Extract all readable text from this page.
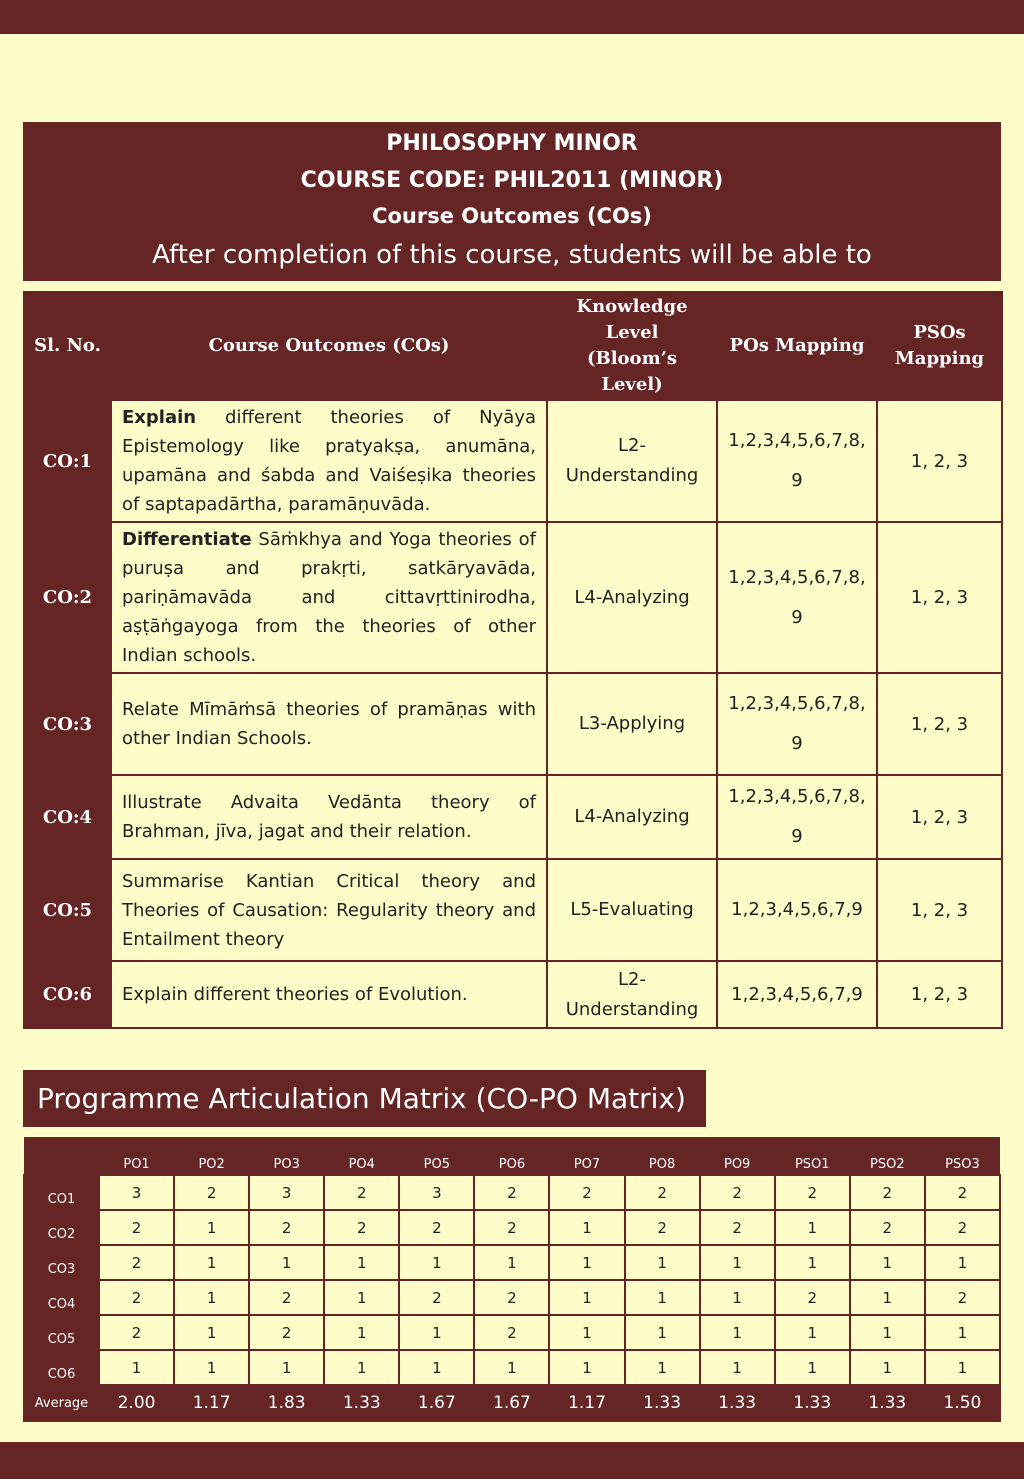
PHILOSOPHY MINOR
COURSE CODE: PHIL2011 (MINOR)
Course Outcomes (COs)
After completion of this course, students will be able to
Sl. No.	Course Outcomes (COs)	Knowledge Level (Bloom’s Level)	POs Mapping	PSOs Mapping
CO:1	Explain different theories of Nyāya Epistemology like pratyakṣa, anumāna, upamāna and śabda and Vaiśeṣika theories of saptapadārtha, paramāṇuvāda.	L2-Understanding	1,2,3,4,5,6,7,8,9	1, 2, 3
CO:2	Differentiate Sāṁkhya and Yoga theories of puruṣa and prakṛti, satkāryavāda, pariṇāmavāda and cittavṛttinirodha, aṣṭāṅgayoga from the theories of other Indian schools.	L4-Analyzing	1,2,3,4,5,6,7,8,9	1, 2, 3
CO:3	Relate Mīmāṁsā theories of pramāṇas with other Indian Schools.	L3-Applying	1,2,3,4,5,6,7,8,9	1, 2, 3
CO:4	Illustrate Advaita Vedānta theory of Brahman, jīva, jagat and their relation.	L4-Analyzing	1,2,3,4,5,6,7,8,9	1, 2, 3
CO:5	Summarise Kantian Critical theory and Theories of Causation: Regularity theory and Entailment theory	L5-Evaluating	1,2,3,4,5,6,7,9	1, 2, 3
CO:6	Explain different theories of Evolution.	L2-Understanding	1,2,3,4,5,6,7,9	1, 2, 3
Programme Articulation Matrix (CO-PO Matrix)
	PO1	PO2	PO3	PO4	PO5	PO6	PO7	PO8	PO9	PSO1	PSO2	PSO3
CO1	3	2	3	2	3	2	2	2	2	2	2	2
CO2	2	1	2	2	2	2	1	2	2	1	2	2
CO3	2	1	1	1	1	1	1	1	1	1	1	1
CO4	2	1	2	1	2	2	1	1	1	2	1	2
CO5	2	1	2	1	1	2	1	1	1	1	1	1
CO6	1	1	1	1	1	1	1	1	1	1	1	1
Average	2.00	1.17	1.83	1.33	1.67	1.67	1.17	1.33	1.33	1.33	1.33	1.50
